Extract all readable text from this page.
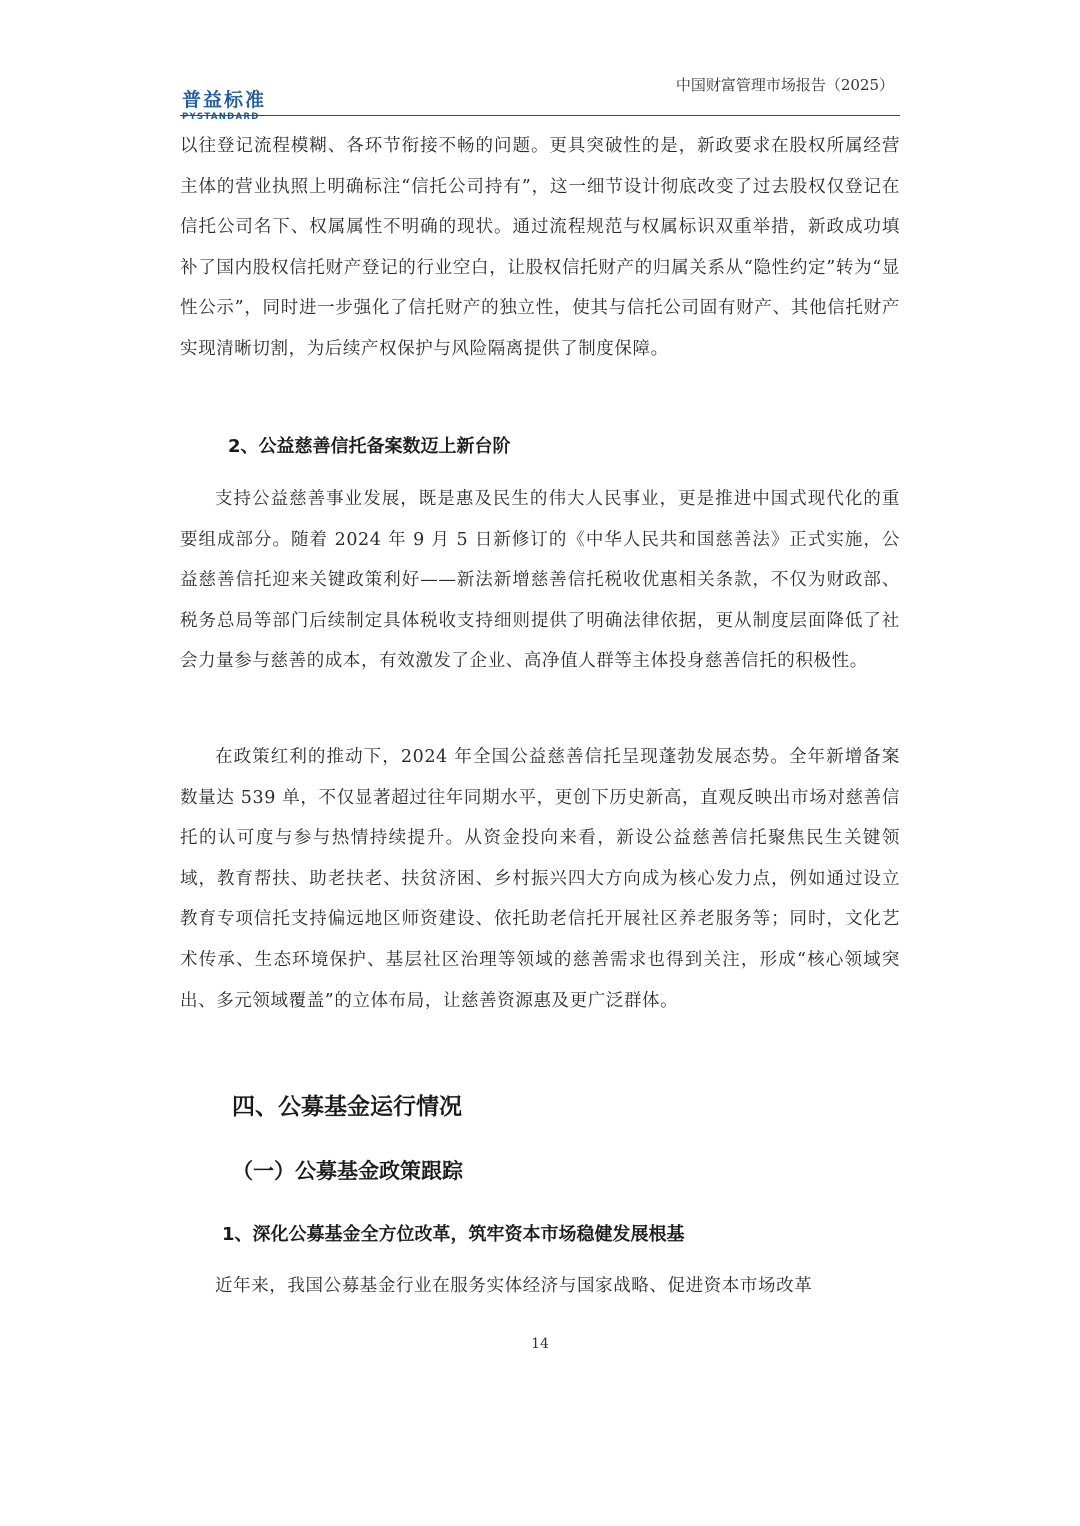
普益标准
PYSTANDARD
中国财富管理市场报告（2025）

以往登记流程模糊、各环节衔接不畅的问题。更具突破性的是，新政要求在股权所属经营主体的营业执照上明确标注“信托公司持有”，这一细节设计彻底改变了过去股权仅登记在信托公司名下、权属属性不明确的现状。通过流程规范与权属标识双重举措，新政成功填补了国内股权信托财产登记的行业空白，让股权信托财产的归属关系从“隐性约定”转为“显性公示”，同时进一步强化了信托财产的独立性，使其与信托公司固有财产、其他信托财产实现清晰切割，为后续产权保护与风险隔离提供了制度保障。

2、公益慈善信托备案数迈上新台阶

支持公益慈善事业发展，既是惠及民生的伟大人民事业，更是推进中国式现代化的重要组成部分。随着 2024 年 9 月 5 日新修订的《中华人民共和国慈善法》正式实施，公益慈善信托迎来关键政策利好——新法新增慈善信托税收优惠相关条款，不仅为财政部、税务总局等部门后续制定具体税收支持细则提供了明确法律依据，更从制度层面降低了社会力量参与慈善的成本，有效激发了企业、高净值人群等主体投身慈善信托的积极性。

在政策红利的推动下，2024 年全国公益慈善信托呈现蓬勃发展态势。全年新增备案数量达 539 单，不仅显著超过往年同期水平，更创下历史新高，直观反映出市场对慈善信托的认可度与参与热情持续提升。从资金投向来看，新设公益慈善信托聚焦民生关键领域，教育帮扶、助老扶老、扶贫济困、乡村振兴四大方向成为核心发力点，例如通过设立教育专项信托支持偏远地区师资建设、依托助老信托开展社区养老服务等；同时，文化艺术传承、生态环境保护、基层社区治理等领域的慈善需求也得到关注，形成“核心领域突出、多元领域覆盖”的立体布局，让慈善资源惠及更广泛群体。

四、公募基金运行情况
（一）公募基金政策跟踪
1、深化公募基金全方位改革，筑牢资本市场稳健发展根基

近年来，我国公募基金行业在服务实体经济与国家战略、促进资本市场改革

14
